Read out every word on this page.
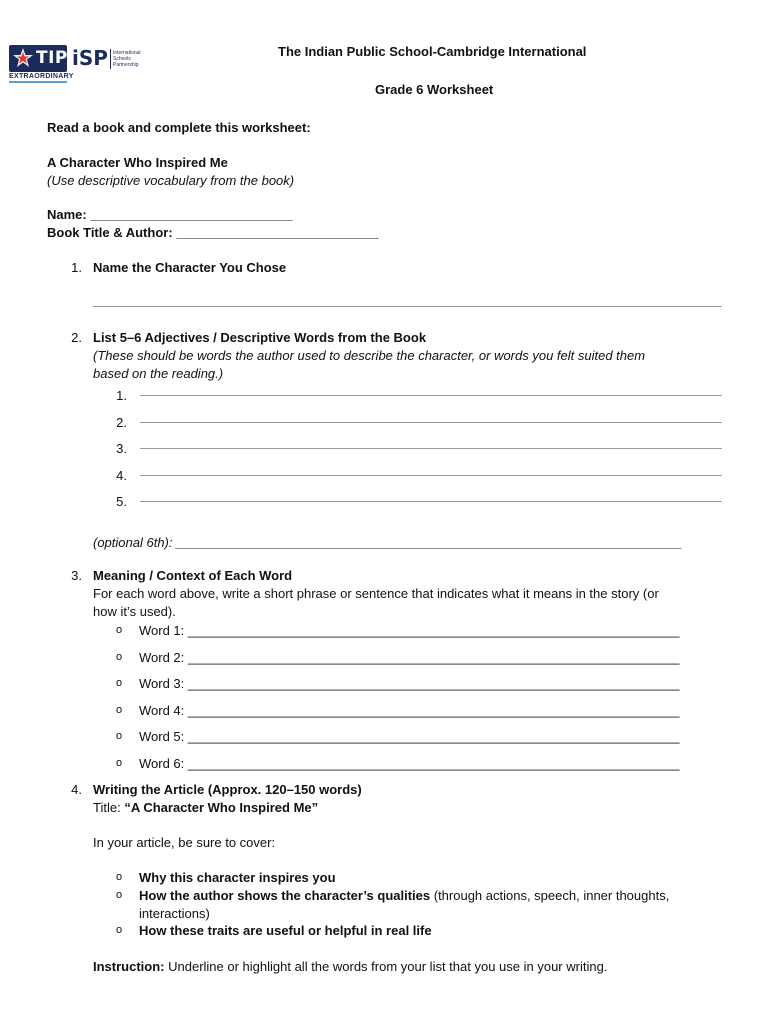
TIPS
EXTRAORDINARY
iSP International
Schools
Partnership
The Indian Public School-Cambridge International
Grade 6 Worksheet
Read a book and complete this worksheet:
A Character Who Inspired Me
(Use descriptive vocabulary from the book)
Name: ____________________________
Book Title & Author: ____________________________
1. Name the Character You Chose
2. List 5–6 Adjectives / Descriptive Words from the Book
(These should be words the author used to describe the character, or words you felt suited them
based on the reading.)
1.
2.
3.
4.
5.
(optional 6th): ______________________________________________________________________
3. Meaning / Context of Each Word
For each word above, write a short phrase or sentence that indicates what it means in the story (or
how it’s used).
o Word 1: ____________________________________________________________________
o Word 2: ____________________________________________________________________
o Word 3: ____________________________________________________________________
o Word 4: ____________________________________________________________________
o Word 5: ____________________________________________________________________
o Word 6: ____________________________________________________________________
4. Writing the Article (Approx. 120–150 words)
Title: “A Character Who Inspired Me”
In your article, be sure to cover:
o Why this character inspires you
o How the author shows the character’s qualities (through actions, speech, inner thoughts,
interactions)
o How these traits are useful or helpful in real life
Instruction: Underline or highlight all the words from your list that you use in your writing.
